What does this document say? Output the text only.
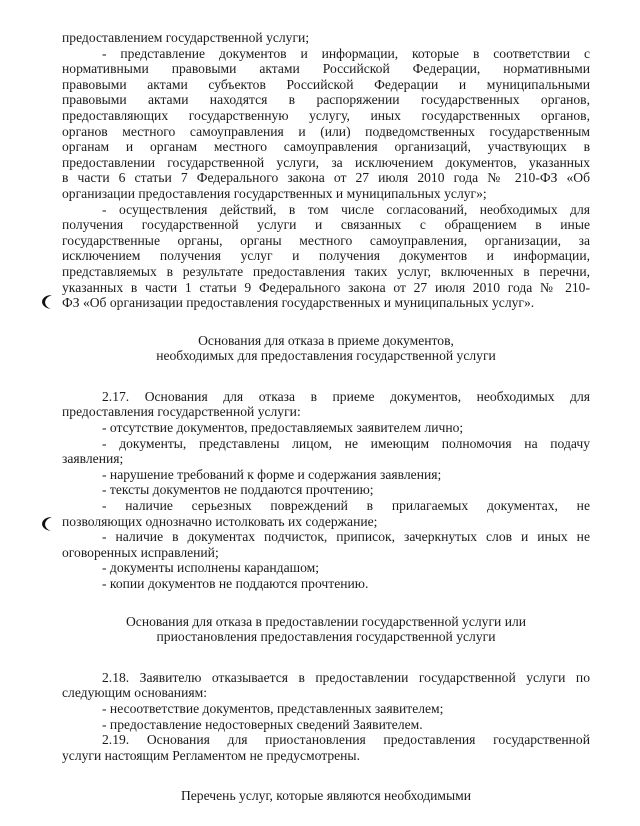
предоставлением государственной услуги;
- представление документов и информации, которые в соответствии с
нормативными правовыми актами Российской Федерации, нормативными
правовыми актами субъектов Российской Федерации и муниципальными
правовыми актами находятся в распоряжении государственных органов,
предоставляющих государственную услугу, иных государственных органов,
органов местного самоуправления и (или) подведомственных государственным
органам и органам местного самоуправления организаций, участвующих в
предоставлении государственной услуги, за исключением документов, указанных
в части 6 статьи 7 Федерального закона от 27 июля 2010 года № 210-ФЗ «Об
организации предоставления государственных и муниципальных услуг»;
- осуществления действий, в том числе согласований, необходимых для
получения государственной услуги и связанных с обращением в иные
государственные органы, органы местного самоуправления, организации, за
исключением получения услуг и получения документов и информации,
представляемых в результате предоставления таких услуг, включенных в перечни,
указанных в части 1 статьи 9 Федерального закона от 27 июля 2010 года № 210-
ФЗ «Об организации предоставления государственных и муниципальных услуг».
Основания для отказа в приеме документов,
необходимых для предоставления государственной услуги
2.17. Основания для отказа в приеме документов, необходимых для
предоставления государственной услуги:
- отсутствие документов, предоставляемых заявителем лично;
- документы, представлены лицом, не имеющим полномочия на подачу
заявления;
- нарушение требований к форме и содержания заявления;
- тексты документов не поддаются прочтению;
- наличие серьезных повреждений в прилагаемых документах, не
позволяющих однозначно истолковать их содержание;
- наличие в документах подчисток, приписок, зачеркнутых слов и иных не
оговоренных исправлений;
- документы исполнены карандашом;
- копии документов не поддаются прочтению.
Основания для отказа в предоставлении государственной услуги или
приостановления предоставления государственной услуги
2.18. Заявителю отказывается в предоставлении государственной услуги по
следующим основаниям:
- несоответствие документов, представленных заявителем;
- предоставление недостоверных сведений Заявителем.
2.19. Основания для приостановления предоставления государственной
услуги настоящим Регламентом не предусмотрены.
Перечень услуг, которые являются необходимыми
